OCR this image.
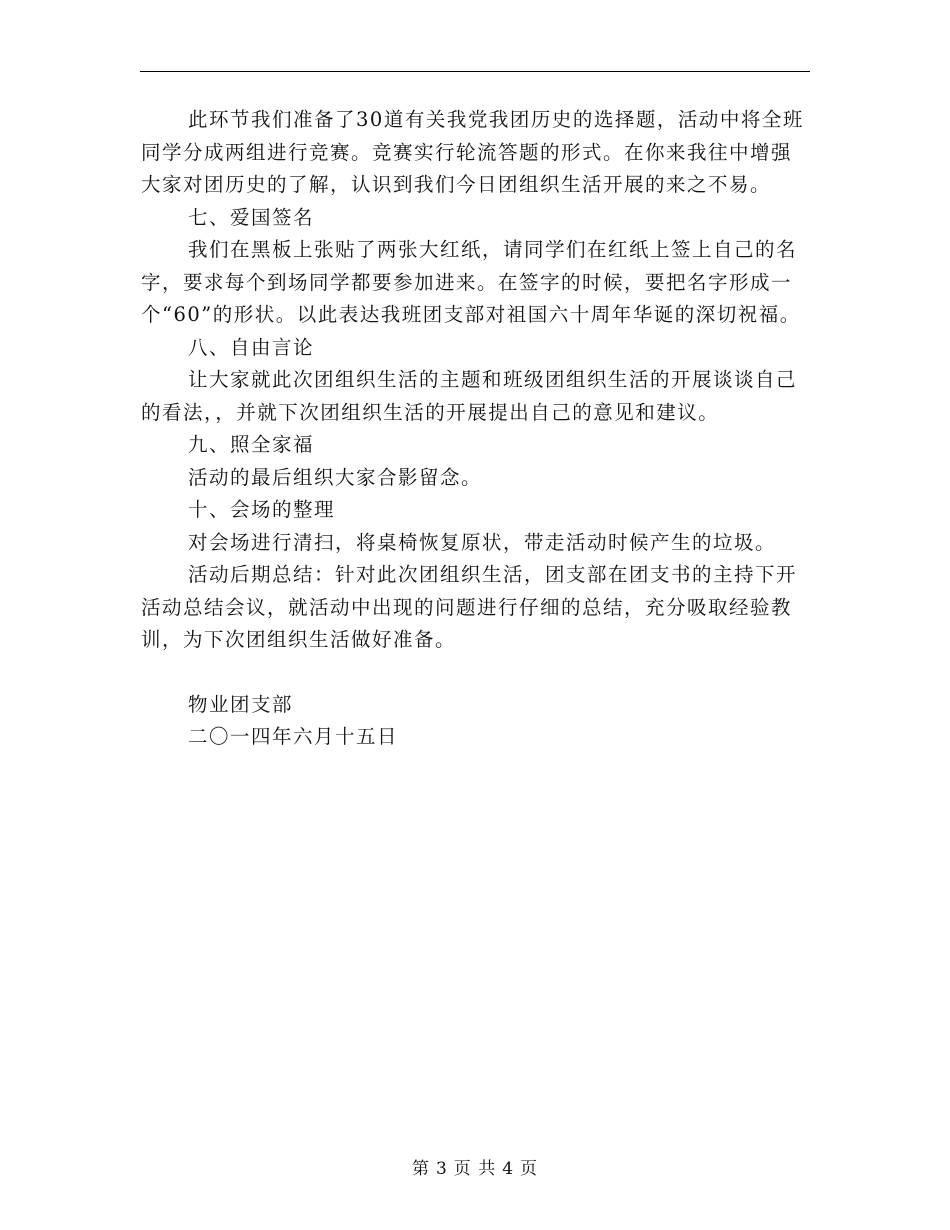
此环节我们准备了30道有关我党我团历史的选择题，活动中将全班同学分成两组进行竞赛。竞赛实行轮流答题的形式。在你来我往中增强大家对团历史的了解，认识到我们今日团组织生活开展的来之不易。

七、爱国签名

我们在黑板上张贴了两张大红纸，请同学们在红纸上签上自己的名字，要求每个到场同学都要参加进来。在签字的时候，要把名字形成一个“60”的形状。以此表达我班团支部对祖国六十周年华诞的深切祝福。

八、自由言论

让大家就此次团组织生活的主题和班级团组织生活的开展谈谈自己的看法，，并就下次团组织生活的开展提出自己的意见和建议。

九、照全家福

活动的最后组织大家合影留念。

十、会场的整理

对会场进行清扫，将桌椅恢复原状，带走活动时候产生的垃圾。

活动后期总结：针对此次团组织生活，团支部在团支书的主持下开活动总结会议，就活动中出现的问题进行仔细的总结，充分吸取经验教训，为下次团组织生活做好准备。

物业团支部

二〇一四年六月十五日

第 3 页 共 4 页
